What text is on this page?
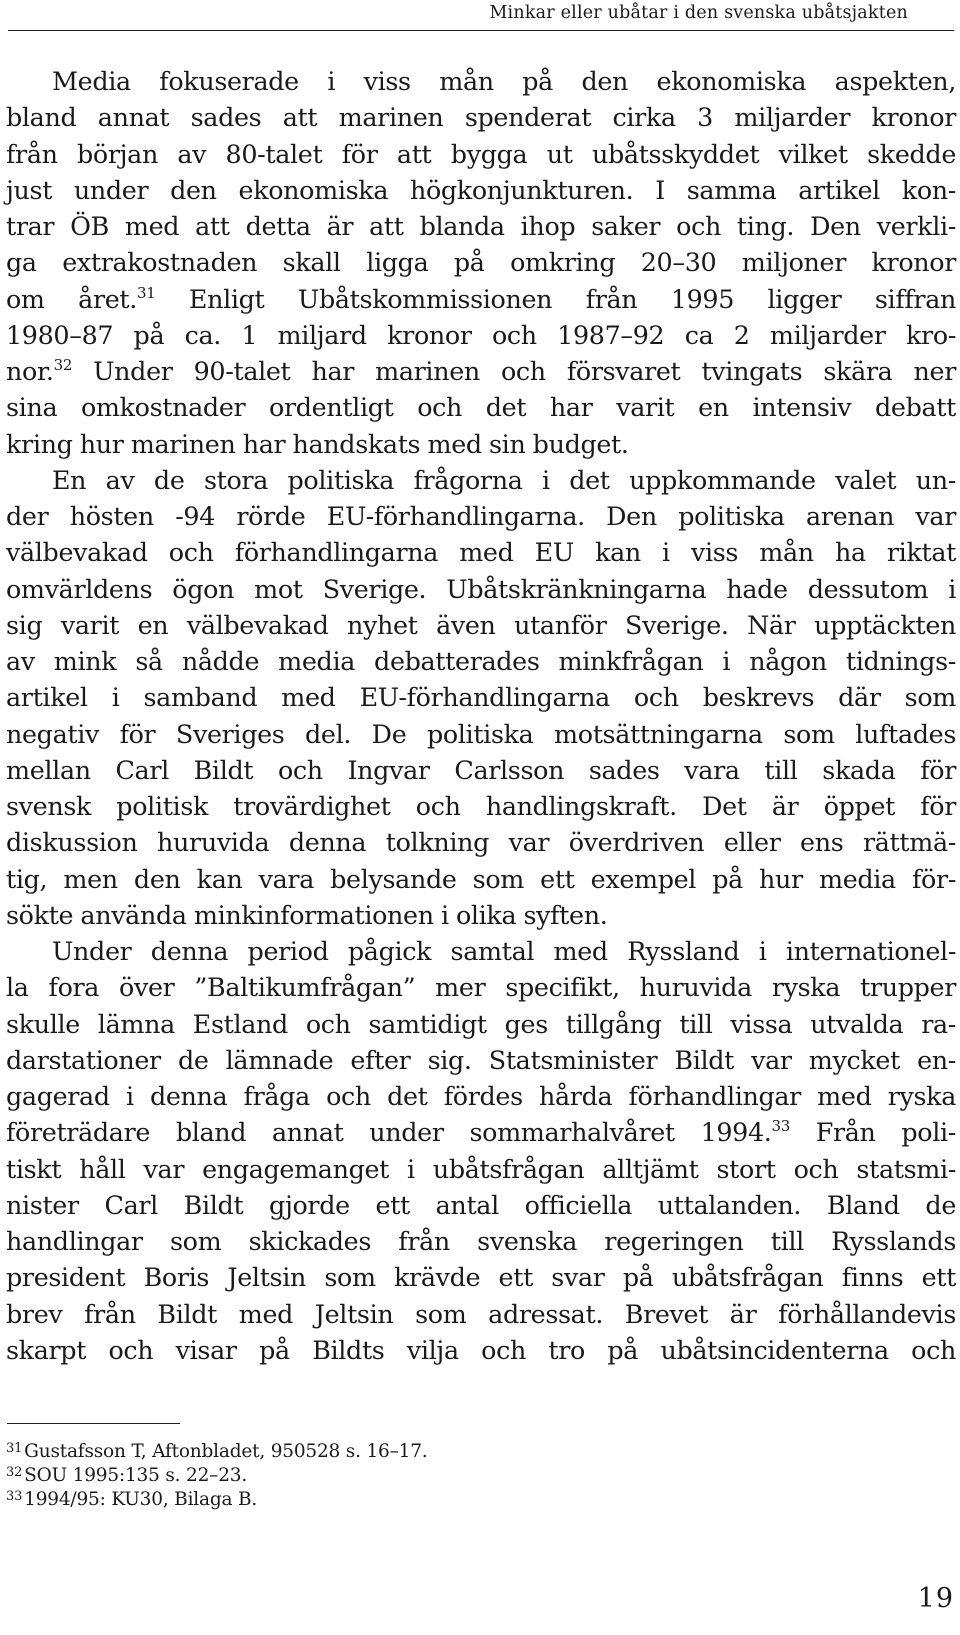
Minkar eller ubåtar i den svenska ubåtsjakten
Media fokuserade i viss mån på den ekonomiska aspekten,
bland annat sades att marinen spenderat cirka 3 miljarder kronor
från början av 80-talet för att bygga ut ubåtsskyddet vilket skedde
just under den ekonomiska högkonjunkturen. I samma artikel kon-
trar ÖB med att detta är att blanda ihop saker och ting. Den verkli-
ga extrakostnaden skall ligga på omkring 20–30 miljoner kronor
om året.$^{31}$ Enligt Ubåtskommissionen från 1995 ligger siffran
1980–87 på ca. 1 miljard kronor och 1987–92 ca 2 miljarder kro-
nor.$^{32}$ Under 90-talet har marinen och försvaret tvingats skära ner
sina omkostnader ordentligt och det har varit en intensiv debatt
kring hur marinen har handskats med sin budget.
En av de stora politiska frågorna i det uppkommande valet un-
der hösten -94 rörde EU-förhandlingarna. Den politiska arenan var
välbevakad och förhandlingarna med EU kan i viss mån ha riktat
omvärldens ögon mot Sverige. Ubåtskränkningarna hade dessutom i
sig varit en välbevakad nyhet även utanför Sverige. När upptäckten
av mink så nådde media debatterades minkfrågan i någon tidnings-
artikel i samband med EU-förhandlingarna och beskrevs där som
negativ för Sveriges del. De politiska motsättningarna som luftades
mellan Carl Bildt och Ingvar Carlsson sades vara till skada för
svensk politisk trovärdighet och handlingskraft. Det är öppet för
diskussion huruvida denna tolkning var överdriven eller ens rättmä-
tig, men den kan vara belysande som ett exempel på hur media för-
sökte använda minkinformationen i olika syften.
Under denna period pågick samtal med Ryssland i internationel-
la fora över ”Baltikumfrågan” mer specifikt, huruvida ryska trupper
skulle lämna Estland och samtidigt ges tillgång till vissa utvalda ra-
darstationer de lämnade efter sig. Statsminister Bildt var mycket en-
gagerad i denna fråga och det fördes hårda förhandlingar med ryska
företrädare bland annat under sommarhalvåret 1994.33 Från poli-
tiskt håll var engagemanget i ubåtsfrågan alltjämt stort och statsmi-
nister Carl Bildt gjorde ett antal officiella uttalanden. Bland de
handlingar som skickades från svenska regeringen till Rysslands
president Boris Jeltsin som krävde ett svar på ubåtsfrågan finns ett
brev från Bildt med Jeltsin som adressat. Brevet är förhållandevis
skarpt och visar på Bildts vilja och tro på ubåtsincidenterna och
$^{31}$ Gustafsson T, Aftonbladet, 950528 s. 16–17.
$^{32}$ SOU 1995:135 s. 22–23.
$^{33}$ 1994/95: KU30, Bilaga B.
19
